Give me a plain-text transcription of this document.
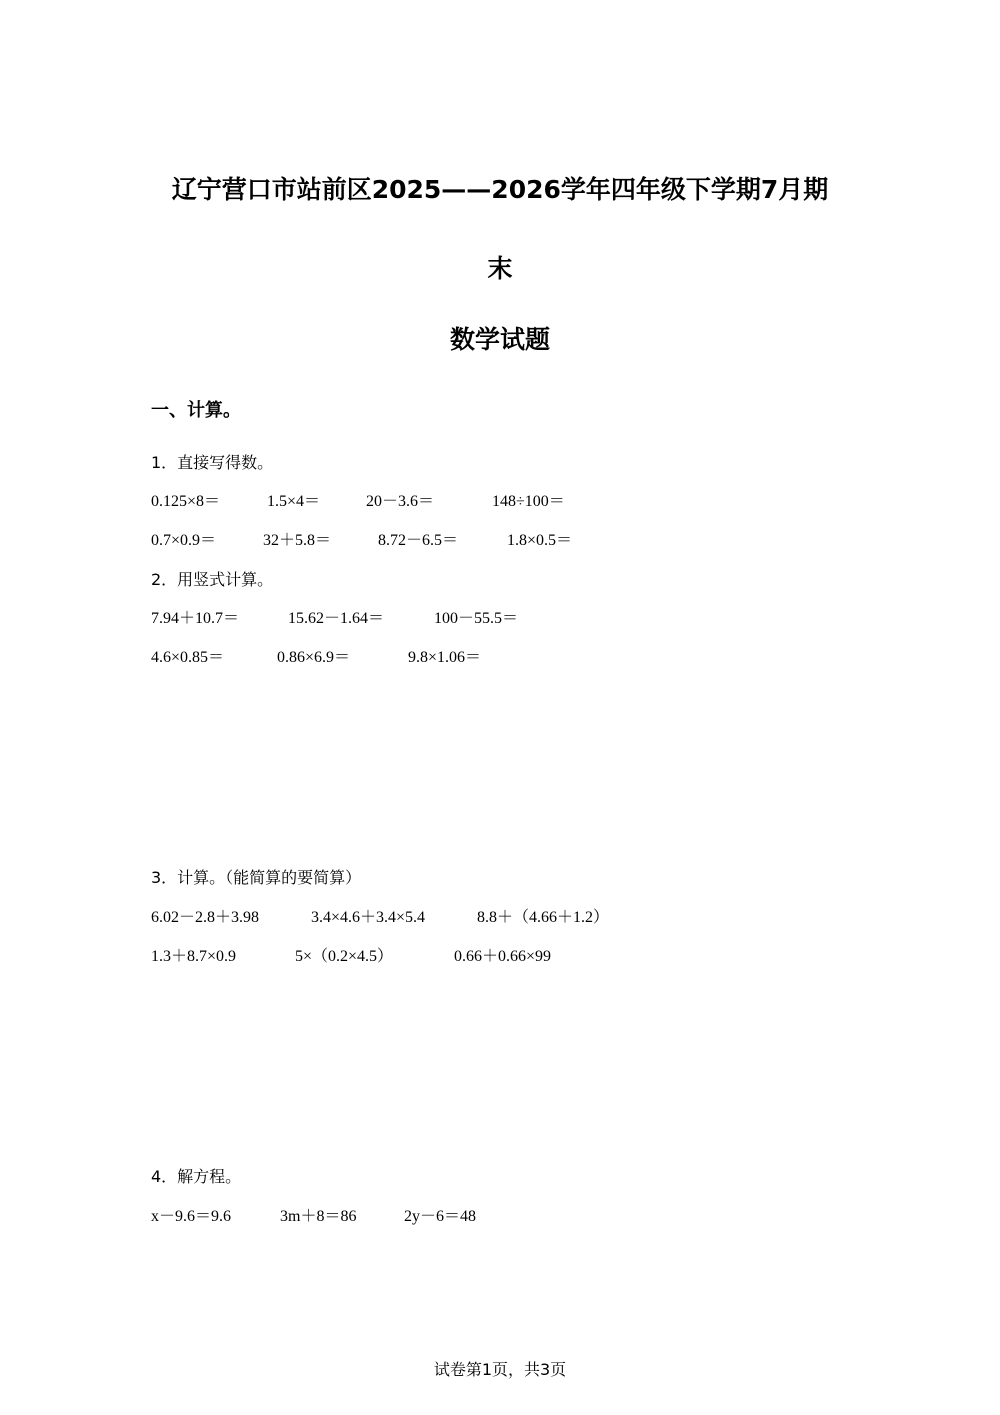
辽宁营口市站前区2025——2026学年四年级下学期7月期
末
数学试题
一、计算。
1．直接写得数。
0.125×8＝	1.5×4＝	20－3.6＝	148÷100＝
0.7×0.9＝	32＋5.8＝	8.72－6.5＝	1.8×0.5＝
2．用竖式计算。
7.94＋10.7＝	15.62－1.64＝	100－55.5＝
4.6×0.85＝	0.86×6.9＝	9.8×1.06＝
3．计算。（能简算的要简算）
6.02－2.8＋3.98	3.4×4.6＋3.4×5.4	8.8＋（4.66＋1.2）
1.3＋8.7×0.9	5×（0.2×4.5）	0.66＋0.66×99
4．解方程。
x－9.6＝9.6	3m＋8＝86	2y－6＝48
试卷第1页，共3页
